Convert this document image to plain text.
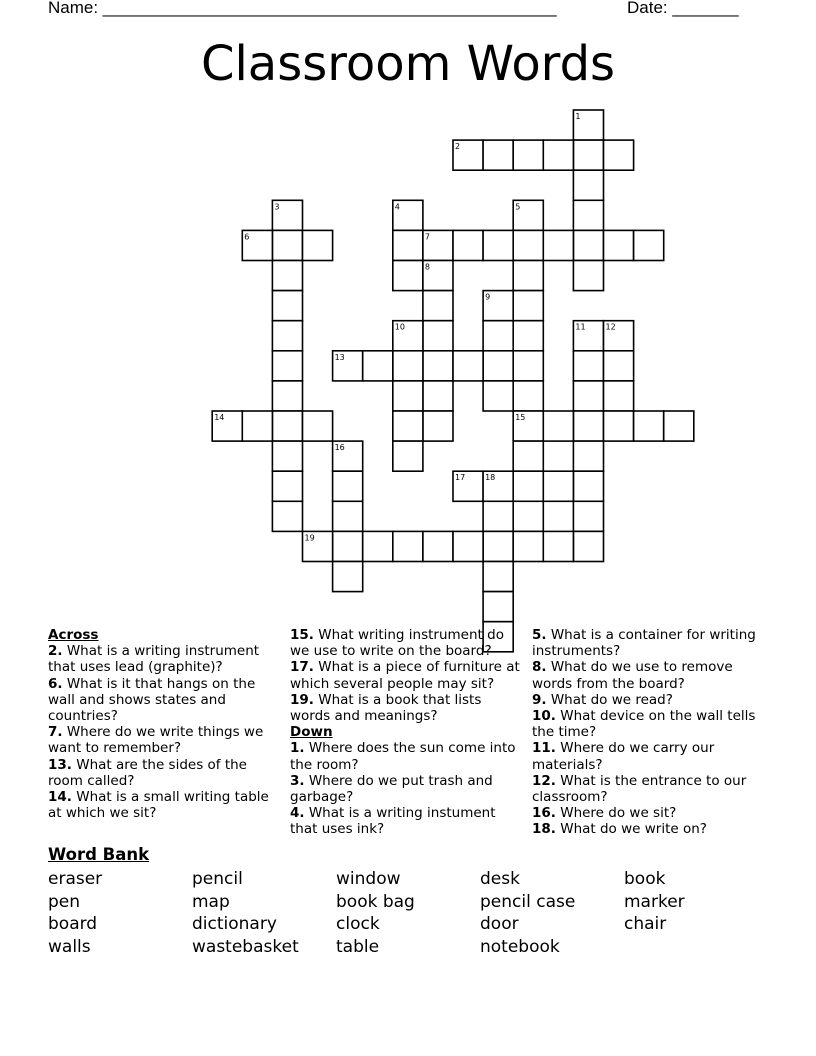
Name: ________________________________________________	Date: _______
Classroom Words
1
2
3	4	5
6	7
8
9
10	11 12
13
14	15
16
17 18
19
Across
2. What is a writing instrument that uses lead (graphite)?
6. What is it that hangs on the wall and shows states and countries?
7. Where do we write things we want to remember?
13. What are the sides of the room called?
14. What is a small writing table at which we sit?
15. What writing instrument do we use to write on the board?
17. What is a piece of furniture at which several people may sit?
19. What is a book that lists words and meanings?
Down
1. Where does the sun come into the room?
3. Where do we put trash and garbage?
4. What is a writing instument that uses ink?
5. What is a container for writing instruments?
8. What do we use to remove words from the board?
9. What do we read?
10. What device on the wall tells the time?
11. Where do we carry our materials?
12. What is the entrance to our classroom?
16. Where do we sit?
18. What do we write on?
Word Bank
eraser	pencil	window	desk	book
pen	map	book bag	pencil case	marker
board	dictionary	clock	door	chair
walls	wastebasket	table	notebook
